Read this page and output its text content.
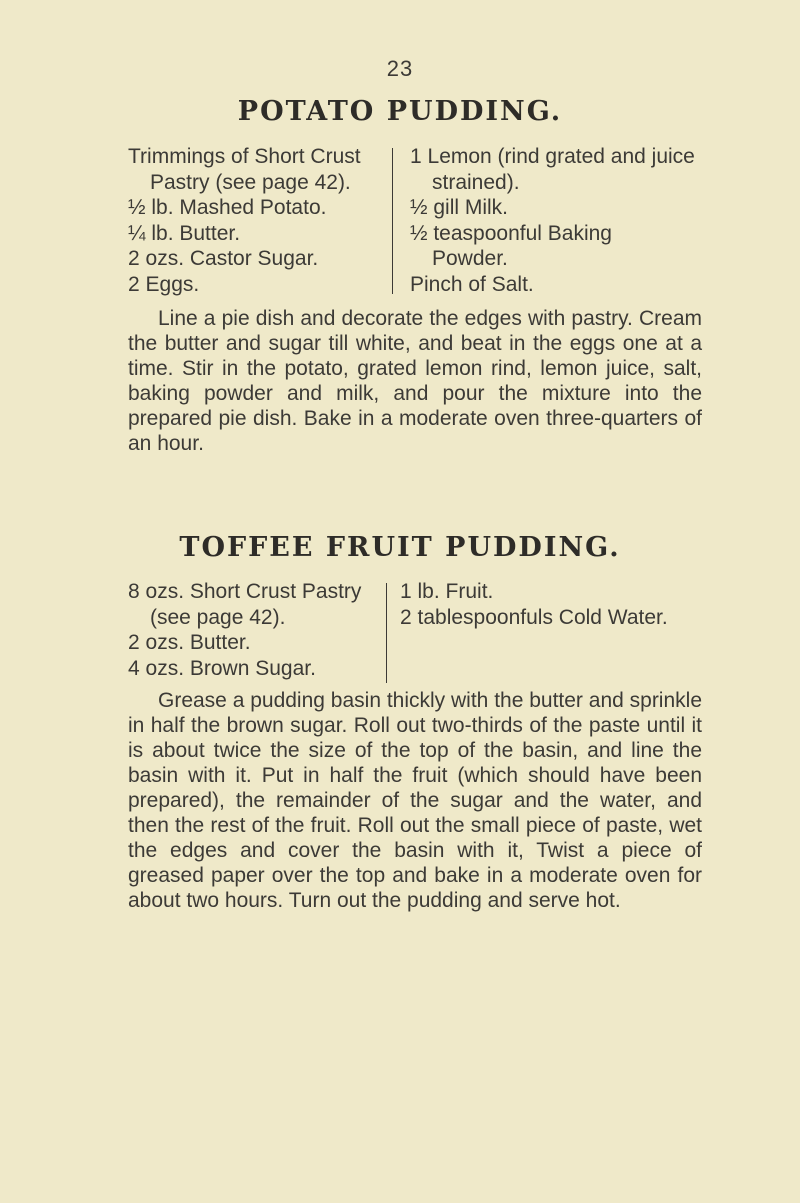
23
POTATO PUDDING.
Trimmings of Short Crust Pastry (see page 42).
½ lb. Mashed Potato.
¼ lb. Butter.
2 ozs. Castor Sugar.
2 Eggs.
1 Lemon (rind grated and juice strained).
½ gill Milk.
½ teaspoonful Baking Powder.
Pinch of Salt.

Line a pie dish and decorate the edges with pastry. Cream the butter and sugar till white, and beat in the eggs one at a time. Stir in the potato, grated lemon rind, lemon juice, salt, baking powder and milk, and pour the mixture into the prepared pie dish. Bake in a moderate oven three-quarters of an hour.

TOFFEE FRUIT PUDDING.
8 ozs. Short Crust Pastry (see page 42).
2 ozs. Butter.
4 ozs. Brown Sugar.
1 lb. Fruit.
2 tablespoonfuls Cold Water.

Grease a pudding basin thickly with the butter and sprinkle in half the brown sugar. Roll out two-thirds of the paste until it is about twice the size of the top of the basin, and line the basin with it. Put in half the fruit (which should have been prepared), the remainder of the sugar and the water, and then the rest of the fruit. Roll out the small piece of paste, wet the edges and cover the basin with it, Twist a piece of greased paper over the top and bake in a moderate oven for about two hours. Turn out the pudding and serve hot.
